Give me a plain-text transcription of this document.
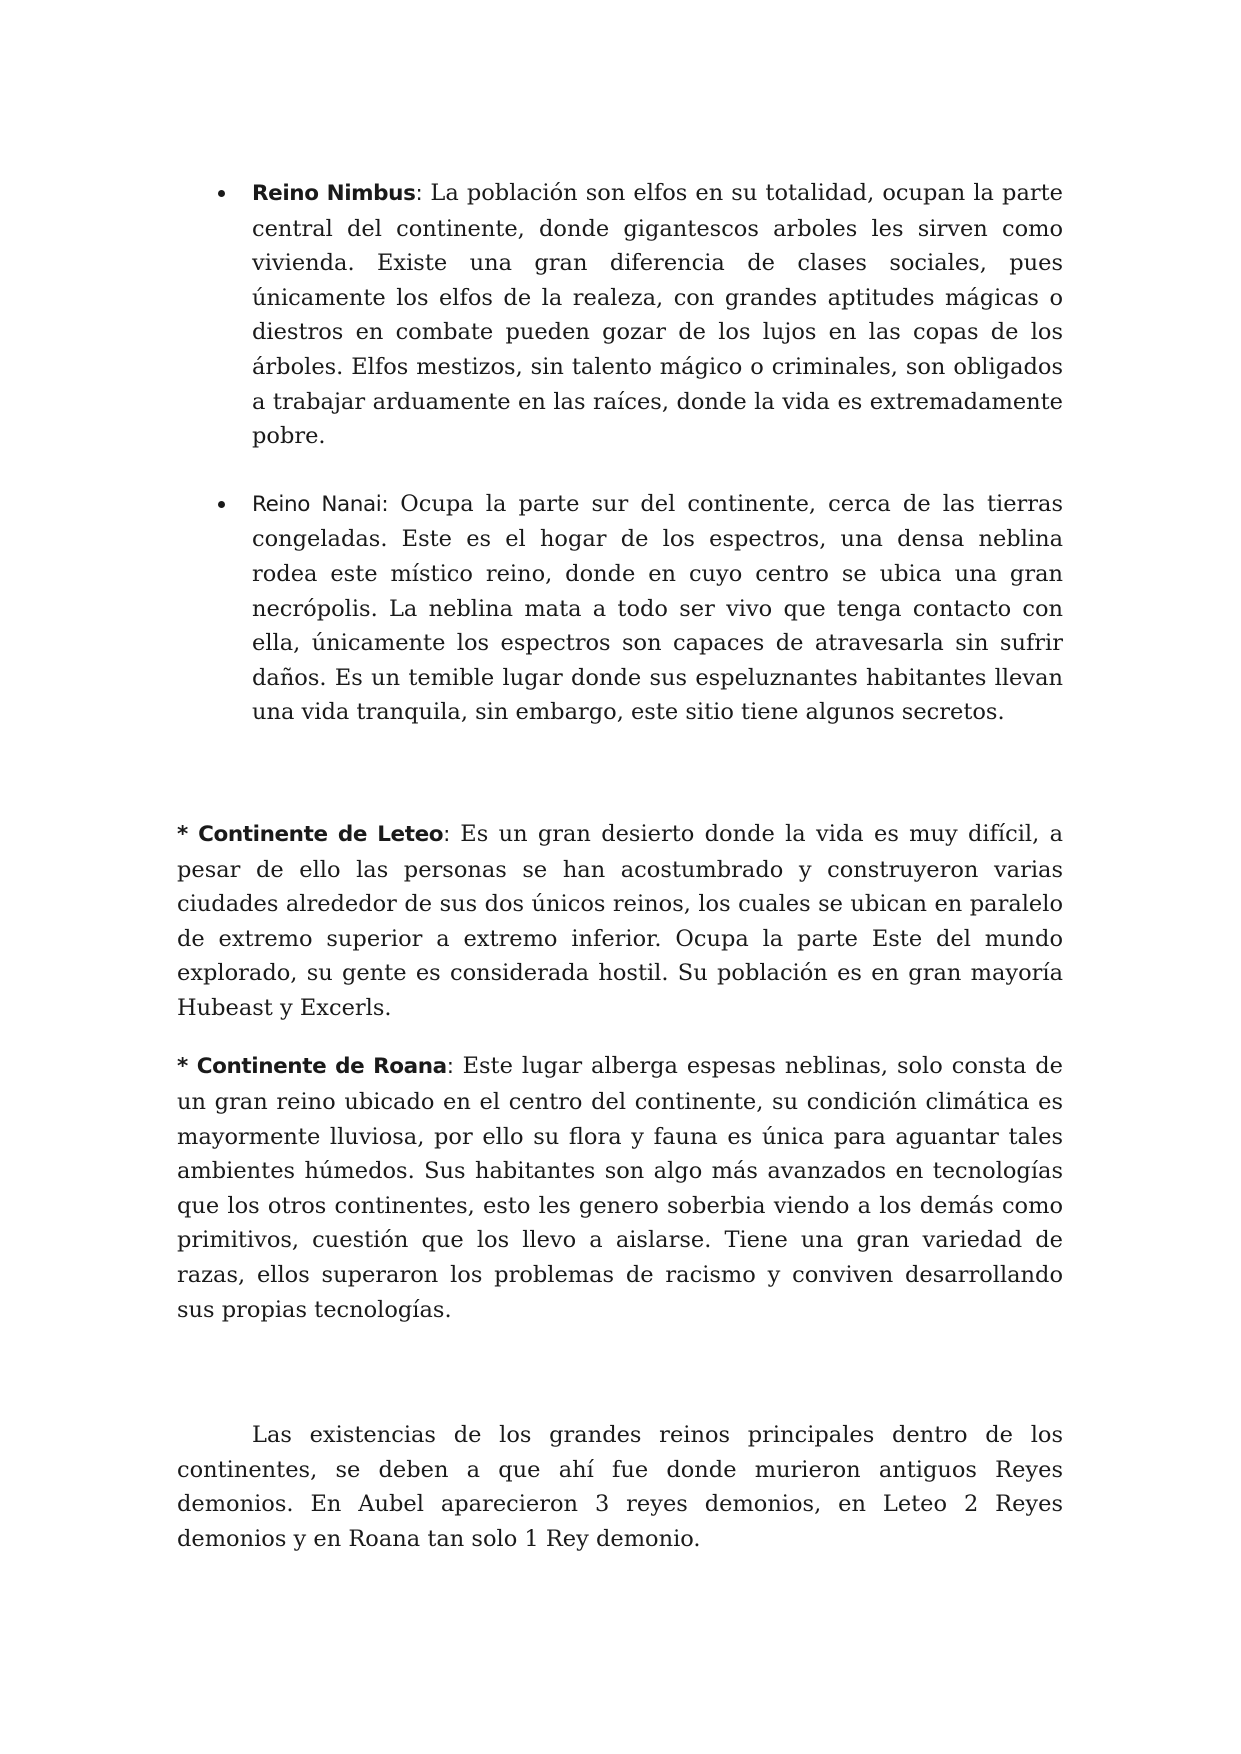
Reino Nimbus: La población son elfos en su totalidad, ocupan la parte central del continente, donde gigantescos arboles les sirven como vivienda. Existe una gran diferencia de clases sociales, pues únicamente los elfos de la realeza, con grandes aptitudes mágicas o diestros en combate pueden gozar de los lujos en las copas de los árboles. Elfos mestizos, sin talento mágico o criminales, son obligados a trabajar arduamente en las raíces, donde la vida es extremadamente pobre.

Reino Nanai: Ocupa la parte sur del continente, cerca de las tierras congeladas. Este es el hogar de los espectros, una densa neblina rodea este místico reino, donde en cuyo centro se ubica una gran necrópolis. La neblina mata a todo ser vivo que tenga contacto con ella, únicamente los espectros son capaces de atravesarla sin sufrir daños. Es un temible lugar donde sus espeluznantes habitantes llevan una vida tranquila, sin embargo, este sitio tiene algunos secretos.

* Continente de Leteo: Es un gran desierto donde la vida es muy difícil, a pesar de ello las personas se han acostumbrado y construyeron varias ciudades alrededor de sus dos únicos reinos, los cuales se ubican en paralelo de extremo superior a extremo inferior. Ocupa la parte Este del mundo explorado, su gente es considerada hostil. Su población es en gran mayoría Hubeast y Excerls.

* Continente de Roana: Este lugar alberga espesas neblinas, solo consta de un gran reino ubicado en el centro del continente, su condición climática es mayormente lluviosa, por ello su flora y fauna es única para aguantar tales ambientes húmedos. Sus habitantes son algo más avanzados en tecnologías que los otros continentes, esto les genero soberbia viendo a los demás como primitivos, cuestión que los llevo a aislarse. Tiene una gran variedad de razas, ellos superaron los problemas de racismo y conviven desarrollando sus propias tecnologías.

Las existencias de los grandes reinos principales dentro de los continentes, se deben a que ahí fue donde murieron antiguos Reyes demonios. En Aubel aparecieron 3 reyes demonios, en Leteo 2 Reyes demonios y en Roana tan solo 1 Rey demonio.
